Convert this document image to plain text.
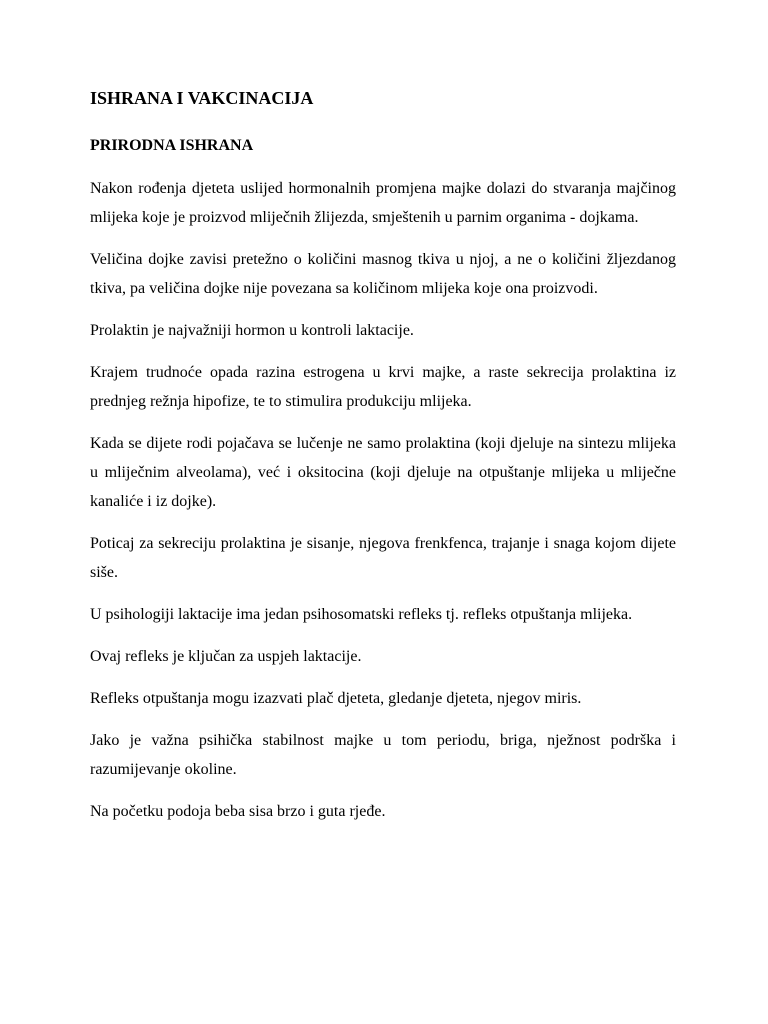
ISHRANA I VAKCINACIJA
PRIRODNA ISHRANA

Nakon rođenja djeteta uslijed hormonalnih promjena majke dolazi do stvaranja majčinog mlijeka koje je proizvod mliječnih žlijezda, smještenih u parnim organima - dojkama.

Veličina dojke zavisi pretežno o količini masnog tkiva u njoj, a ne o količini žljezdanog tkiva, pa veličina dojke nije povezana sa količinom mlijeka koje ona proizvodi.

Prolaktin je najvažniji hormon u kontroli laktacije.

Krajem trudnoće opada razina estrogena u krvi majke, a raste sekrecija prolaktina iz prednjeg režnja hipofize, te to stimulira produkciju mlijeka.

Kada se dijete rodi pojačava se lučenje ne samo prolaktina (koji djeluje na sintezu mlijeka u mliječnim alveolama), već i oksitocina (koji djeluje na otpuštanje mlijeka u mliječne kanaliće i iz dojke).

Poticaj za sekreciju prolaktina je sisanje, njegova frenkfenca, trajanje i snaga kojom dijete siše.

U psihologiji laktacije ima jedan psihosomatski refleks tj. refleks otpuštanja mlijeka.

Ovaj refleks je ključan za uspjeh laktacije.

Refleks otpuštanja mogu izazvati plač djeteta, gledanje djeteta, njegov miris.

Jako je važna psihička stabilnost majke u tom periodu, briga, nježnost podrška i razumijevanje okoline.

Na početku podoja beba sisa brzo i guta rjeđe.
